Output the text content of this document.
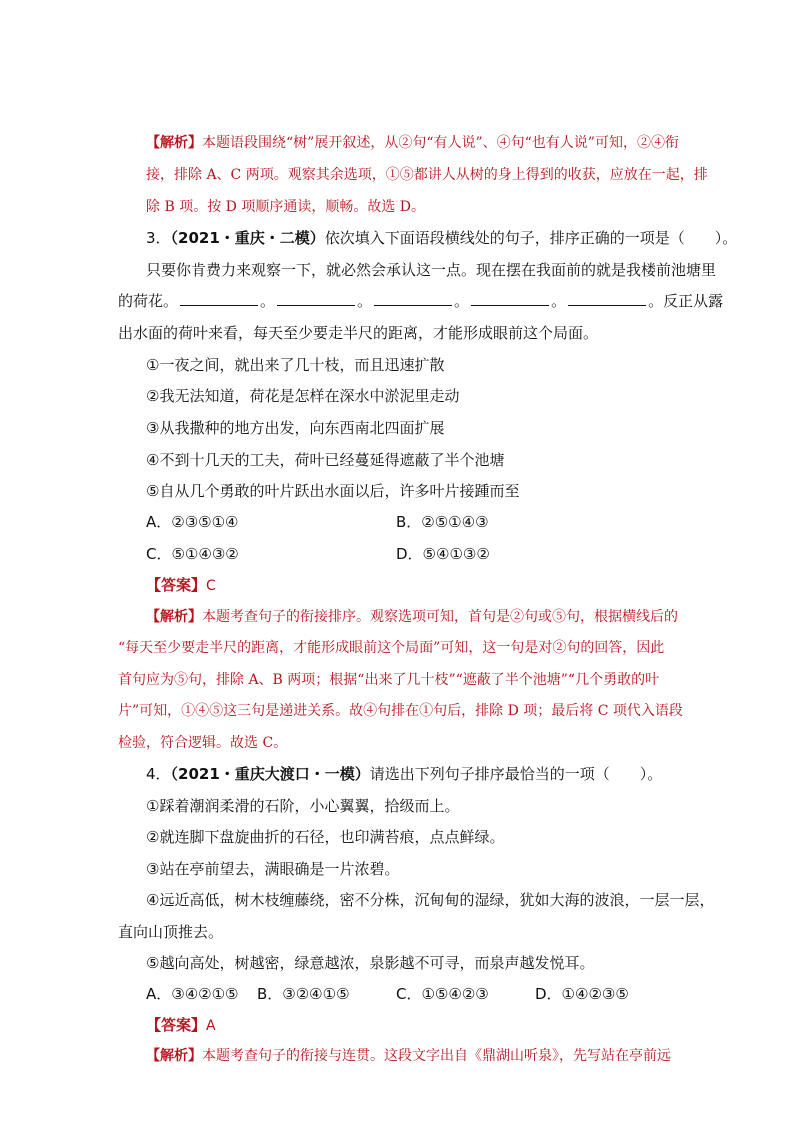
【解析】本题语段围绕“树”展开叙述，从②句“有人说”、④句“也有人说”可知，②④衔
接，排除 A、C 两项。观察其余选项，①⑤都讲人从树的身上得到的收获，应放在一起，排
除 B 项。按 D 项顺序通读，顺畅。故选 D。
3．（2021・重庆・二模）依次填入下面语段横线处的句子，排序正确的一项是（　　）。
只要你肯费力来观察一下，就必然会承认这一点。现在摆在我面前的就是我楼前池塘里
的荷花。	。	。	。	。	。反正从露
出水面的荷叶来看，每天至少要走半尺的距离，才能形成眼前这个局面。
①一夜之间，就出来了几十枝，而且迅速扩散
②我无法知道，荷花是怎样在深水中淤泥里走动
③从我撒种的地方出发，向东西南北四面扩展
④不到十几天的工夫，荷叶已经蔓延得遮蔽了半个池塘
⑤自从几个勇敢的叶片跃出水面以后，许多叶片接踵而至
A．②③⑤①④	B．②⑤①④③
C．⑤①④③②	D．⑤④①③②
【答案】C
【解析】本题考查句子的衔接排序。观察选项可知，首句是②句或⑤句，根据横线后的
“每天至少要走半尺的距离，才能形成眼前这个局面”可知，这一句是对②句的回答，因此
首句应为⑤句，排除 A、B 两项；根据“出来了几十枝”“遮蔽了半个池塘”“几个勇敢的叶
片”可知，①④⑤这三句是递进关系。故④句排在①句后，排除 D 项；最后将 C 项代入语段
检验，符合逻辑。故选 C。
4．（2021・重庆大渡口・一模）请选出下列句子排序最恰当的一项（　　）。
①踩着潮润柔滑的石阶，小心翼翼，拾级而上。
②就连脚下盘旋曲折的石径，也印满苔痕，点点鲜绿。
③站在亭前望去，满眼确是一片浓碧。
④远近高低，树木枝缠藤绕，密不分株，沉甸甸的湿绿，犹如大海的波浪，一层一层，
直向山顶推去。
⑤越向高处，树越密，绿意越浓，泉影越不可寻，而泉声越发悦耳。
A．③④②①⑤ B．③②④①⑤	C．①⑤④②③	D．①④②③⑤
【答案】A
【解析】本题考查句子的衔接与连贯。这段文字出自《鼎湖山听泉》，先写站在亭前远
